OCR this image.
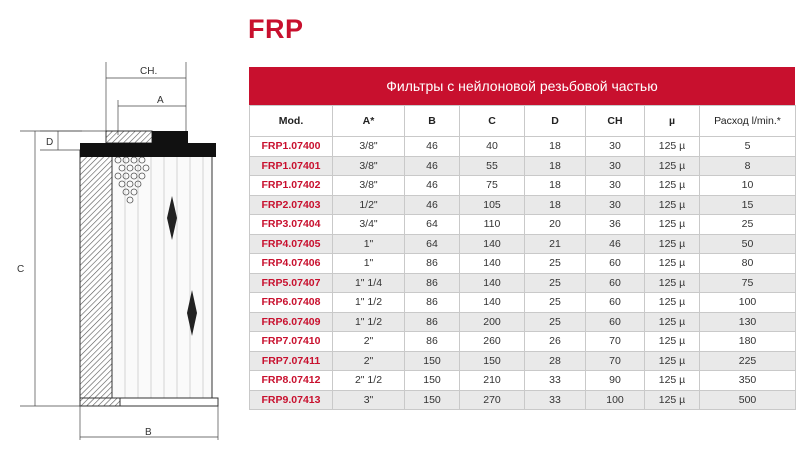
FRP
CH.
A
D
C
B
Фильтры с нейлоновой резьбовой частью
Mod.	A*	B	C	D	CH	µ	Расход l/min.*
FRP1.07400	3/8"	46	40	18	30	125 µ	5
FRP1.07401	3/8"	46	55	18	30	125 µ	8
FRP1.07402	3/8"	46	75	18	30	125 µ	10
FRP2.07403	1/2"	46	105	18	30	125 µ	15
FRP3.07404	3/4"	64	110	20	36	125 µ	25
FRP4.07405	1"	64	140	21	46	125 µ	50
FRP4.07406	1"	86	140	25	60	125 µ	80
FRP5.07407	1" 1/4	86	140	25	60	125 µ	75
FRP6.07408	1" 1/2	86	140	25	60	125 µ	100
FRP6.07409	1" 1/2	86	200	25	60	125 µ	130
FRP7.07410	2"	86	260	26	70	125 µ	180
FRP7.07411	2"	150	150	28	70	125 µ	225
FRP8.07412	2" 1/2	150	210	33	90	125 µ	350
FRP9.07413	3"	150	270	33	100	125 µ	500
